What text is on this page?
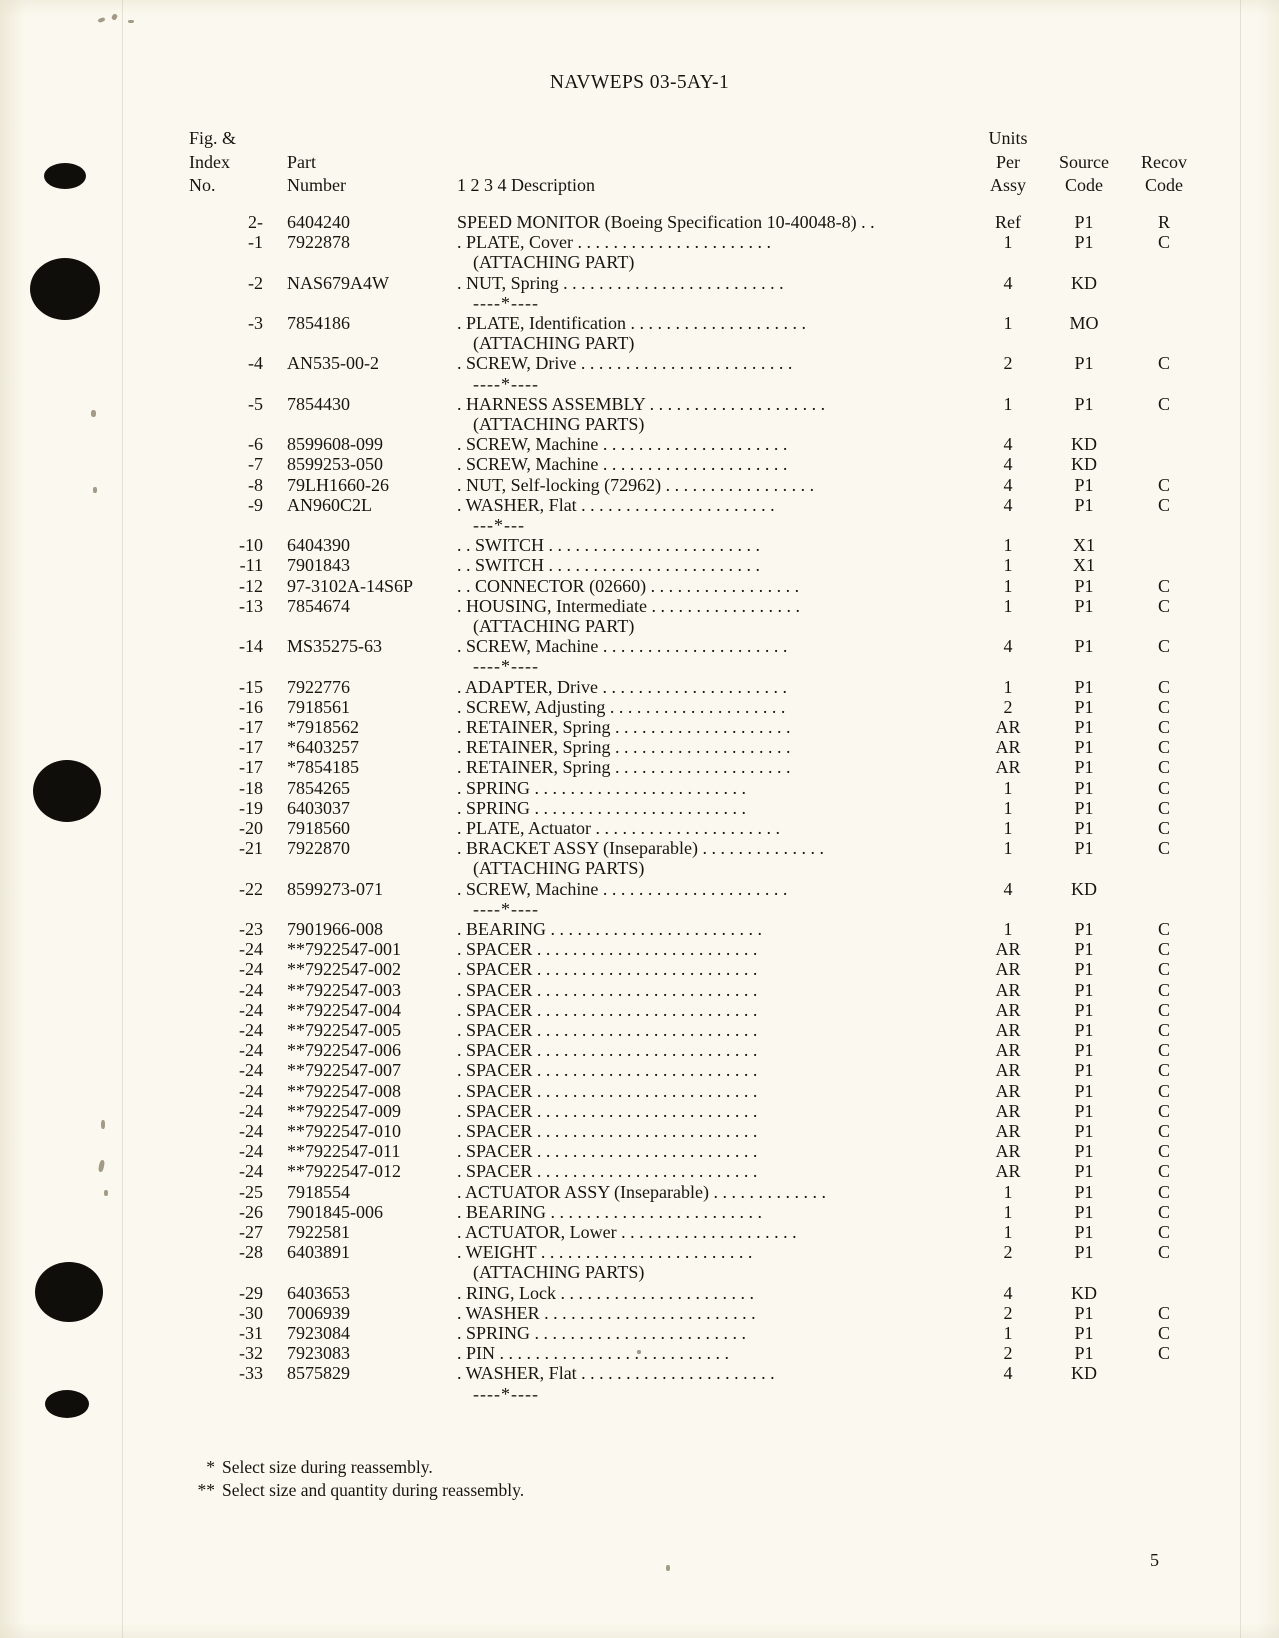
NAVWEPS 03-5AY-1
Fig. &	Units
Index	Part	Per	Source	Recov
No.	Number	1 2 3 4 Description	Assy	Code	Code
2- 6404240	SPEED MONITOR (Boeing Specification 10-40048-8) . .	Ref	P1	R
-1 7922878	. PLATE, Cover . . . . . . . . . . . . . . . . . . . . . .	1	P1	C
(ATTACHING PART)
-2 NAS679A4W	. NUT, Spring . . . . . . . . . . . . . . . . . . . . . . . . .	4	KD
----*----
-3 7854186	. PLATE, Identification . . . . . . . . . . . . . . . . . . . .	1	MO
(ATTACHING PART)
-4 AN535-00-2	. SCREW, Drive . . . . . . . . . . . . . . . . . . . . . . . .	2	P1	C
----*----
-5 7854430	. HARNESS ASSEMBLY . . . . . . . . . . . . . . . . . . . .	1	P1	C
(ATTACHING PARTS)
-6 8599608-099	. SCREW, Machine . . . . . . . . . . . . . . . . . . . . .	4	KD
-7 8599253-050	. SCREW, Machine . . . . . . . . . . . . . . . . . . . . .	4	KD
-8 79LH1660-26	. NUT, Self-locking (72962) . . . . . . . . . . . . . . . . .	4	P1	C
-9 AN960C2L	. WASHER, Flat . . . . . . . . . . . . . . . . . . . . . .	4	P1	C
---*---
-10 6404390	. . SWITCH . . . . . . . . . . . . . . . . . . . . . . . .	1	X1
-11 7901843	. . SWITCH . . . . . . . . . . . . . . . . . . . . . . . .	1	X1
-12 97-3102A-14S6P	. . CONNECTOR (02660) . . . . . . . . . . . . . . . . .	1	P1	C
-13 7854674	. HOUSING, Intermediate . . . . . . . . . . . . . . . . .	1	P1	C
(ATTACHING PART)
-14 MS35275-63	. SCREW, Machine . . . . . . . . . . . . . . . . . . . . .	4	P1	C
----*----
-15 7922776	. ADAPTER, Drive . . . . . . . . . . . . . . . . . . . . .	1	P1	C
-16 7918561	. SCREW, Adjusting . . . . . . . . . . . . . . . . . . . .	2	P1	C
-17 *7918562	. RETAINER, Spring . . . . . . . . . . . . . . . . . . . .	AR	P1	C
-17 *6403257	. RETAINER, Spring . . . . . . . . . . . . . . . . . . . .	AR	P1	C
-17 *7854185	. RETAINER, Spring . . . . . . . . . . . . . . . . . . . .	AR	P1	C
-18 7854265	. SPRING . . . . . . . . . . . . . . . . . . . . . . . .	1	P1	C
-19 6403037	. SPRING . . . . . . . . . . . . . . . . . . . . . . . .	1	P1	C
-20 7918560	. PLATE, Actuator . . . . . . . . . . . . . . . . . . . . .	1	P1	C
-21 7922870	. BRACKET ASSY (Inseparable) . . . . . . . . . . . . . .	1	P1	C
(ATTACHING PARTS)
-22 8599273-071	. SCREW, Machine . . . . . . . . . . . . . . . . . . . . .	4	KD
----*----
-23 7901966-008	. BEARING . . . . . . . . . . . . . . . . . . . . . . . .	1	P1	C
-24 **7922547-001	. SPACER . . . . . . . . . . . . . . . . . . . . . . . . .	AR	P1	C
-24 **7922547-002	. SPACER . . . . . . . . . . . . . . . . . . . . . . . . .	AR	P1	C
-24 **7922547-003	. SPACER . . . . . . . . . . . . . . . . . . . . . . . . .	AR	P1	C
-24 **7922547-004	. SPACER . . . . . . . . . . . . . . . . . . . . . . . . .	AR	P1	C
-24 **7922547-005	. SPACER . . . . . . . . . . . . . . . . . . . . . . . . .	AR	P1	C
-24 **7922547-006	. SPACER . . . . . . . . . . . . . . . . . . . . . . . . .	AR	P1	C
-24 **7922547-007	. SPACER . . . . . . . . . . . . . . . . . . . . . . . . .	AR	P1	C
-24 **7922547-008	. SPACER . . . . . . . . . . . . . . . . . . . . . . . . .	AR	P1	C
-24 **7922547-009	. SPACER . . . . . . . . . . . . . . . . . . . . . . . . .	AR	P1	C
-24 **7922547-010	. SPACER . . . . . . . . . . . . . . . . . . . . . . . . .	AR	P1	C
-24 **7922547-011	. SPACER . . . . . . . . . . . . . . . . . . . . . . . . .	AR	P1	C
-24 **7922547-012	. SPACER . . . . . . . . . . . . . . . . . . . . . . . . .	AR	P1	C
-25 7918554	. ACTUATOR ASSY (Inseparable) . . . . . . . . . . . . .	1	P1	C
-26 7901845-006	. BEARING . . . . . . . . . . . . . . . . . . . . . . . .	1	P1	C
-27 7922581	. ACTUATOR, Lower . . . . . . . . . . . . . . . . . . . .	1	P1	C
-28 6403891	. WEIGHT . . . . . . . . . . . . . . . . . . . . . . . .	2	P1	C
(ATTACHING PARTS)
-29 6403653	. RING, Lock . . . . . . . . . . . . . . . . . . . . . .	4	KD
-30 7006939	. WASHER . . . . . . . . . . . . . . . . . . . . . . . .	2	P1	C
-31 7923084	. SPRING . . . . . . . . . . . . . . . . . . . . . . . .	1	P1	C
-32 7923083	. PIN . . . . . . . . . . . . . . . . . . . . . . . . . .	2	P1	C
-33 8575829	. WASHER, Flat . . . . . . . . . . . . . . . . . . . . . .	4	KD
----*----
* Select size during reassembly.
** Select size and quantity during reassembly.
5
